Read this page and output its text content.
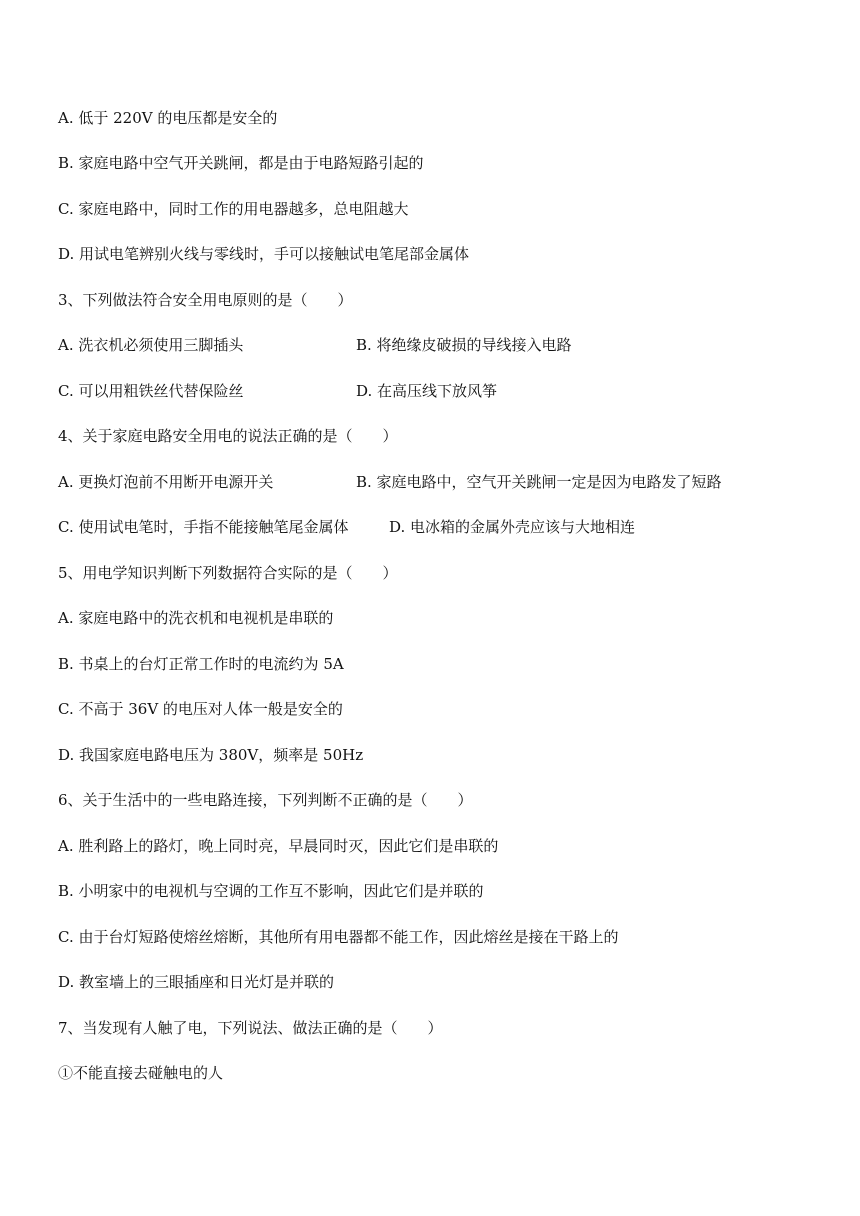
A. 低于 220V 的电压都是安全的
B. 家庭电路中空气开关跳闸，都是由于电路短路引起的
C. 家庭电路中，同时工作的用电器越多，总电阻越大
D. 用试电笔辨别火线与零线时，手可以接触试电笔尾部金属体
3、下列做法符合安全用电原则的是（　　）
A. 洗衣机必须使用三脚插头	B. 将绝缘皮破损的导线接入电路
C. 可以用粗铁丝代替保险丝	D. 在高压线下放风筝
4、关于家庭电路安全用电的说法正确的是（　　）
A. 更换灯泡前不用断开电源开关	B. 家庭电路中，空气开关跳闸一定是因为电路发了短路
C. 使用试电笔时，手指不能接触笔尾金属体	D. 电冰箱的金属外壳应该与大地相连
5、用电学知识判断下列数据符合实际的是（　　）
A. 家庭电路中的洗衣机和电视机是串联的
B. 书桌上的台灯正常工作时的电流约为 5A
C. 不高于 36V 的电压对人体一般是安全的
D. 我国家庭电路电压为 380V，频率是 50Hz
6、关于生活中的一些电路连接，下列判断不正确的是（　　）
A. 胜利路上的路灯，晚上同时亮，早晨同时灭，因此它们是串联的
B. 小明家中的电视机与空调的工作互不影响，因此它们是并联的
C. 由于台灯短路使熔丝熔断，其他所有用电器都不能工作，因此熔丝是接在干路上的
D. 教室墙上的三眼插座和日光灯是并联的
7、当发现有人触了电，下列说法、做法正确的是（　　）
①不能直接去碰触电的人
